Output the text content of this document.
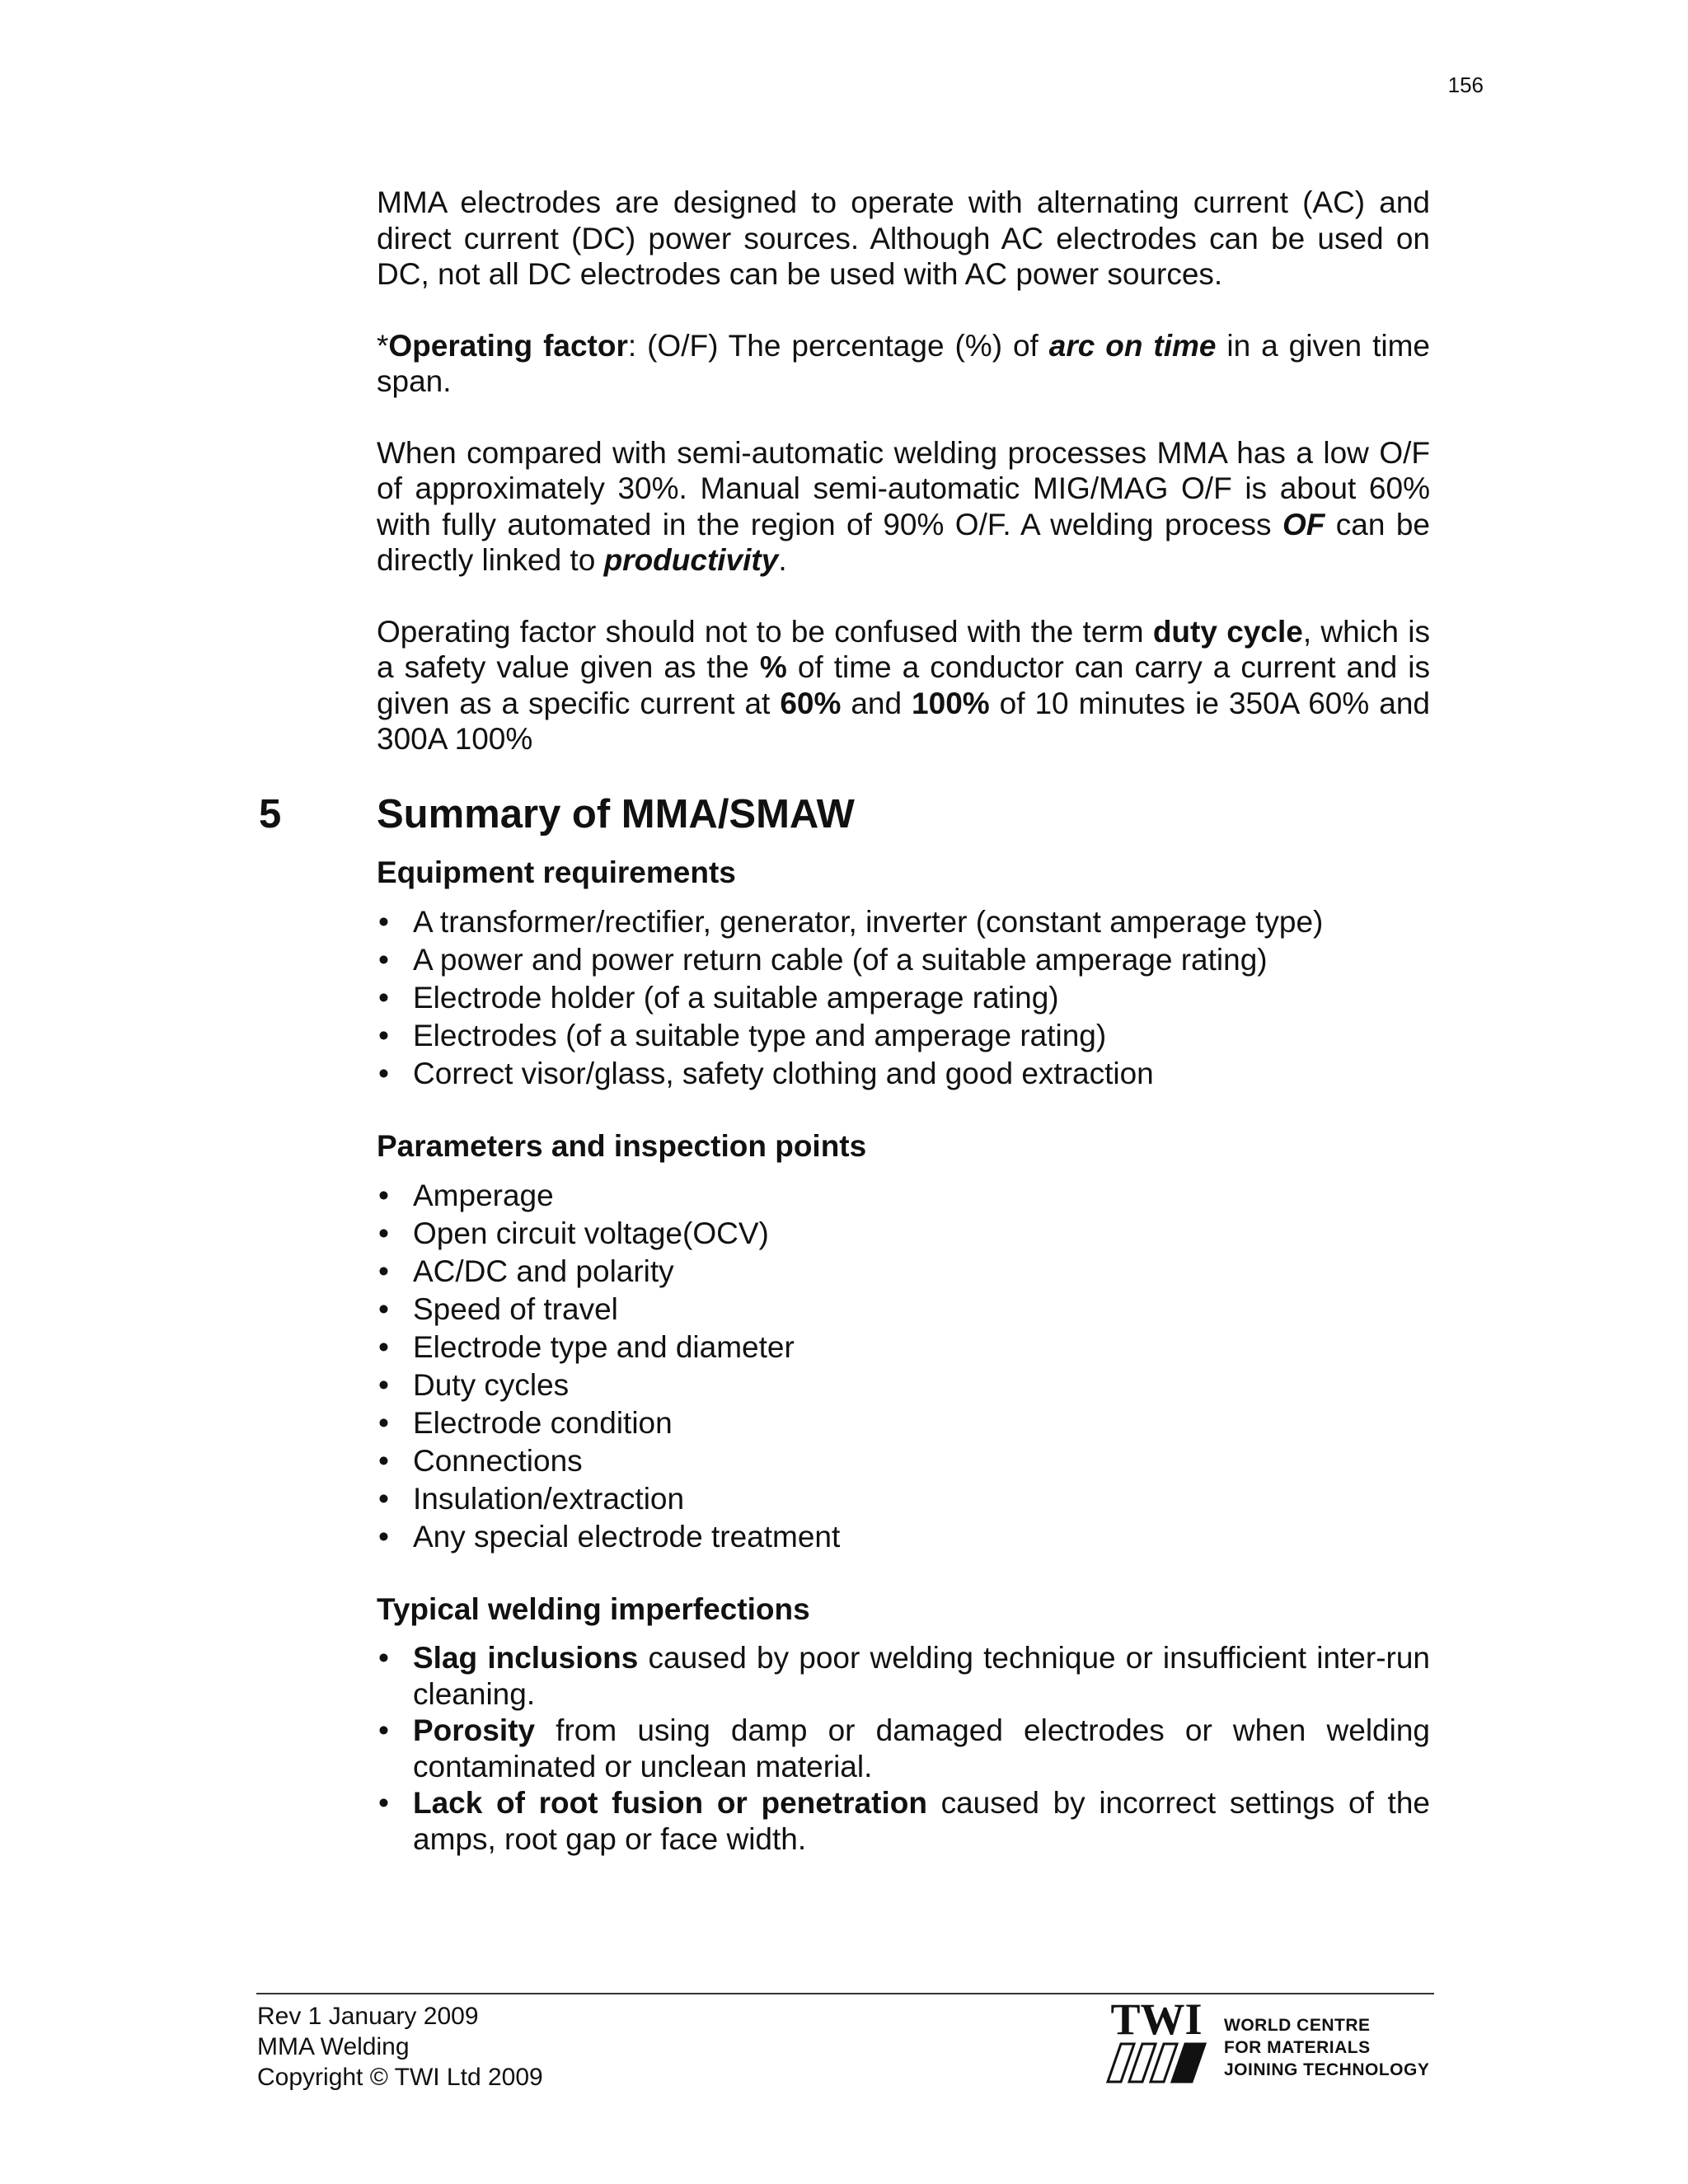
156

MMA electrodes are designed to operate with alternating current (AC) and direct current (DC) power sources. Although AC electrodes can be used on DC, not all DC electrodes can be used with AC power sources.

*Operating factor: (O/F) The percentage (%) of arc on time in a given time span.

When compared with semi-automatic welding processes MMA has a low O/F of approximately 30%. Manual semi-automatic MIG/MAG O/F is about 60% with fully automated in the region of 90% O/F. A welding process OF can be directly linked to productivity.

Operating factor should not to be confused with the term duty cycle, which is a safety value given as the % of time a conductor can carry a current and is given as a specific current at 60% and 100% of 10 minutes ie 350A 60% and 300A 100%

5 Summary of MMA/SMAW
Equipment requirements
• A transformer/rectifier, generator, inverter (constant amperage type)
• A power and power return cable (of a suitable amperage rating)
• Electrode holder (of a suitable amperage rating)
• Electrodes (of a suitable type and amperage rating)
• Correct visor/glass, safety clothing and good extraction
Parameters and inspection points
• Amperage
• Open circuit voltage(OCV)
• AC/DC and polarity
• Speed of travel
• Electrode type and diameter
• Duty cycles
• Electrode condition
• Connections
• Insulation/extraction
• Any special electrode treatment
Typical welding imperfections
• Slag inclusions caused by poor welding technique or insufficient inter-run cleaning.
• Porosity from using damp or damaged electrodes or when welding contaminated or unclean material.
• Lack of root fusion or penetration caused by incorrect settings of the amps, root gap or face width.
Rev 1 January 2009
MMA Welding
Copyright © TWI Ltd 2009
TWI WORLD CENTRE
FOR MATERIALS
JOINING TECHNOLOGY
